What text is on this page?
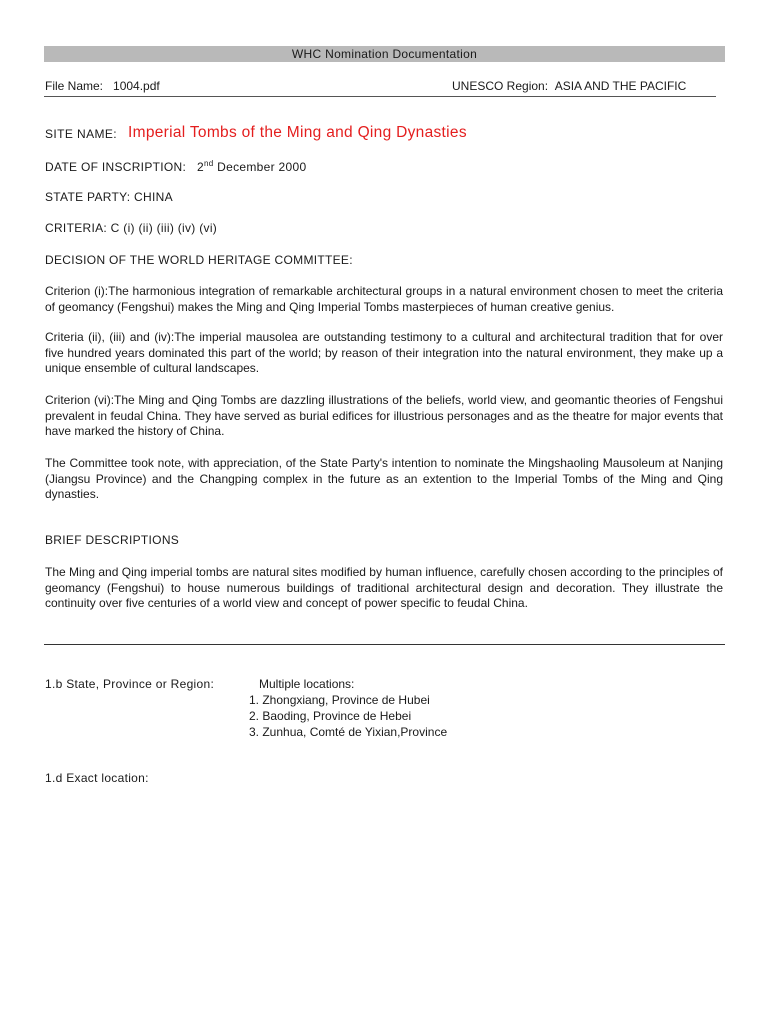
WHC Nomination Documentation
File Name: 1004.pdf	UNESCO Region: ASIA AND THE PACIFIC
SITE NAME: Imperial Tombs of the Ming and Qing Dynasties
DATE OF INSCRIPTION: 2nd December 2000
STATE PARTY: CHINA
CRITERIA: C (i) (ii) (iii) (iv) (vi)
DECISION OF THE WORLD HERITAGE COMMITTEE:
Criterion (i):The harmonious integration of remarkable architectural groups in a natural environment chosen to meet the criteria of geomancy (Fengshui) makes the Ming and Qing Imperial Tombs masterpieces of human creative genius.
Criteria (ii), (iii) and (iv):The imperial mausolea are outstanding testimony to a cultural and architectural tradition that for over five hundred years dominated this part of the world; by reason of their integration into the natural environment, they make up a unique ensemble of cultural landscapes.
Criterion (vi):The Ming and Qing Tombs are dazzling illustrations of the beliefs, world view, and geomantic theories of Fengshui prevalent in feudal China. They have served as burial edifices for illustrious personages and as the theatre for major events that have marked the history of China.
The Committee took note, with appreciation, of the State Party's intention to nominate the Mingshaoling Mausoleum at Nanjing (Jiangsu Province) and the Changping complex in the future as an extention to the Imperial Tombs of the Ming and Qing dynasties.
BRIEF DESCRIPTIONS
The Ming and Qing imperial tombs are natural sites modified by human influence, carefully chosen according to the principles of geomancy (Fengshui) to house numerous buildings of traditional architectural design and decoration. They illustrate the continuity over five centuries of a world view and concept of power specific to feudal China.
1.b State, Province or Region:	Multiple locations:
1. Zhongxiang, Province de Hubei
2. Baoding, Province de Hebei
3. Zunhua, Comté de Yixian,Province
1.d Exact location:
